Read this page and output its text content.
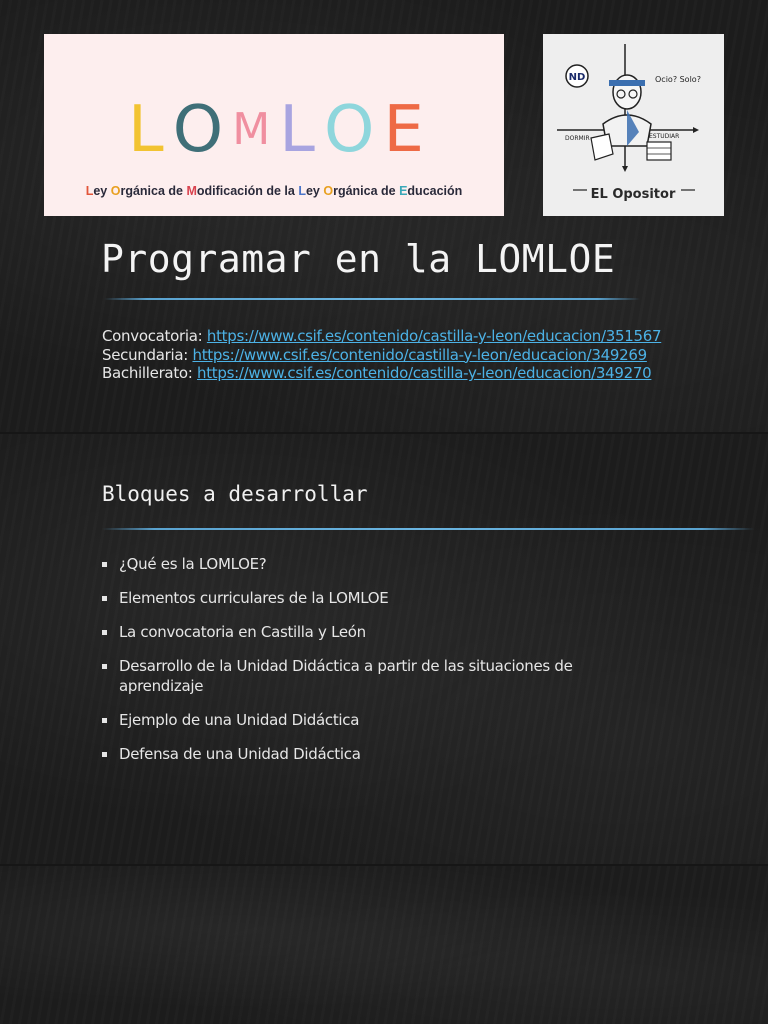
L O M L O E
Ley Orgánica de Modificación de la Ley Orgánica de Educación
ND	Ocio? Solo?
DORMIR	ESTUDIAR
EL Opositor
Programar en la LOMLOE
Convocatoria: https://www.csif.es/contenido/castilla-y-leon/educacion/351567
Secundaria: https://www.csif.es/contenido/castilla-y-leon/educacion/349269
Bachillerato: https://www.csif.es/contenido/castilla-y-leon/educacion/349270
Bloques a desarrollar
¿Qué es la LOMLOE?
Elementos curriculares de la LOMLOE
La convocatoria en Castilla y León
Desarrollo de la Unidad Didáctica a partir de las situaciones de aprendizaje
Ejemplo de una Unidad Didáctica
Defensa de una Unidad Didáctica
